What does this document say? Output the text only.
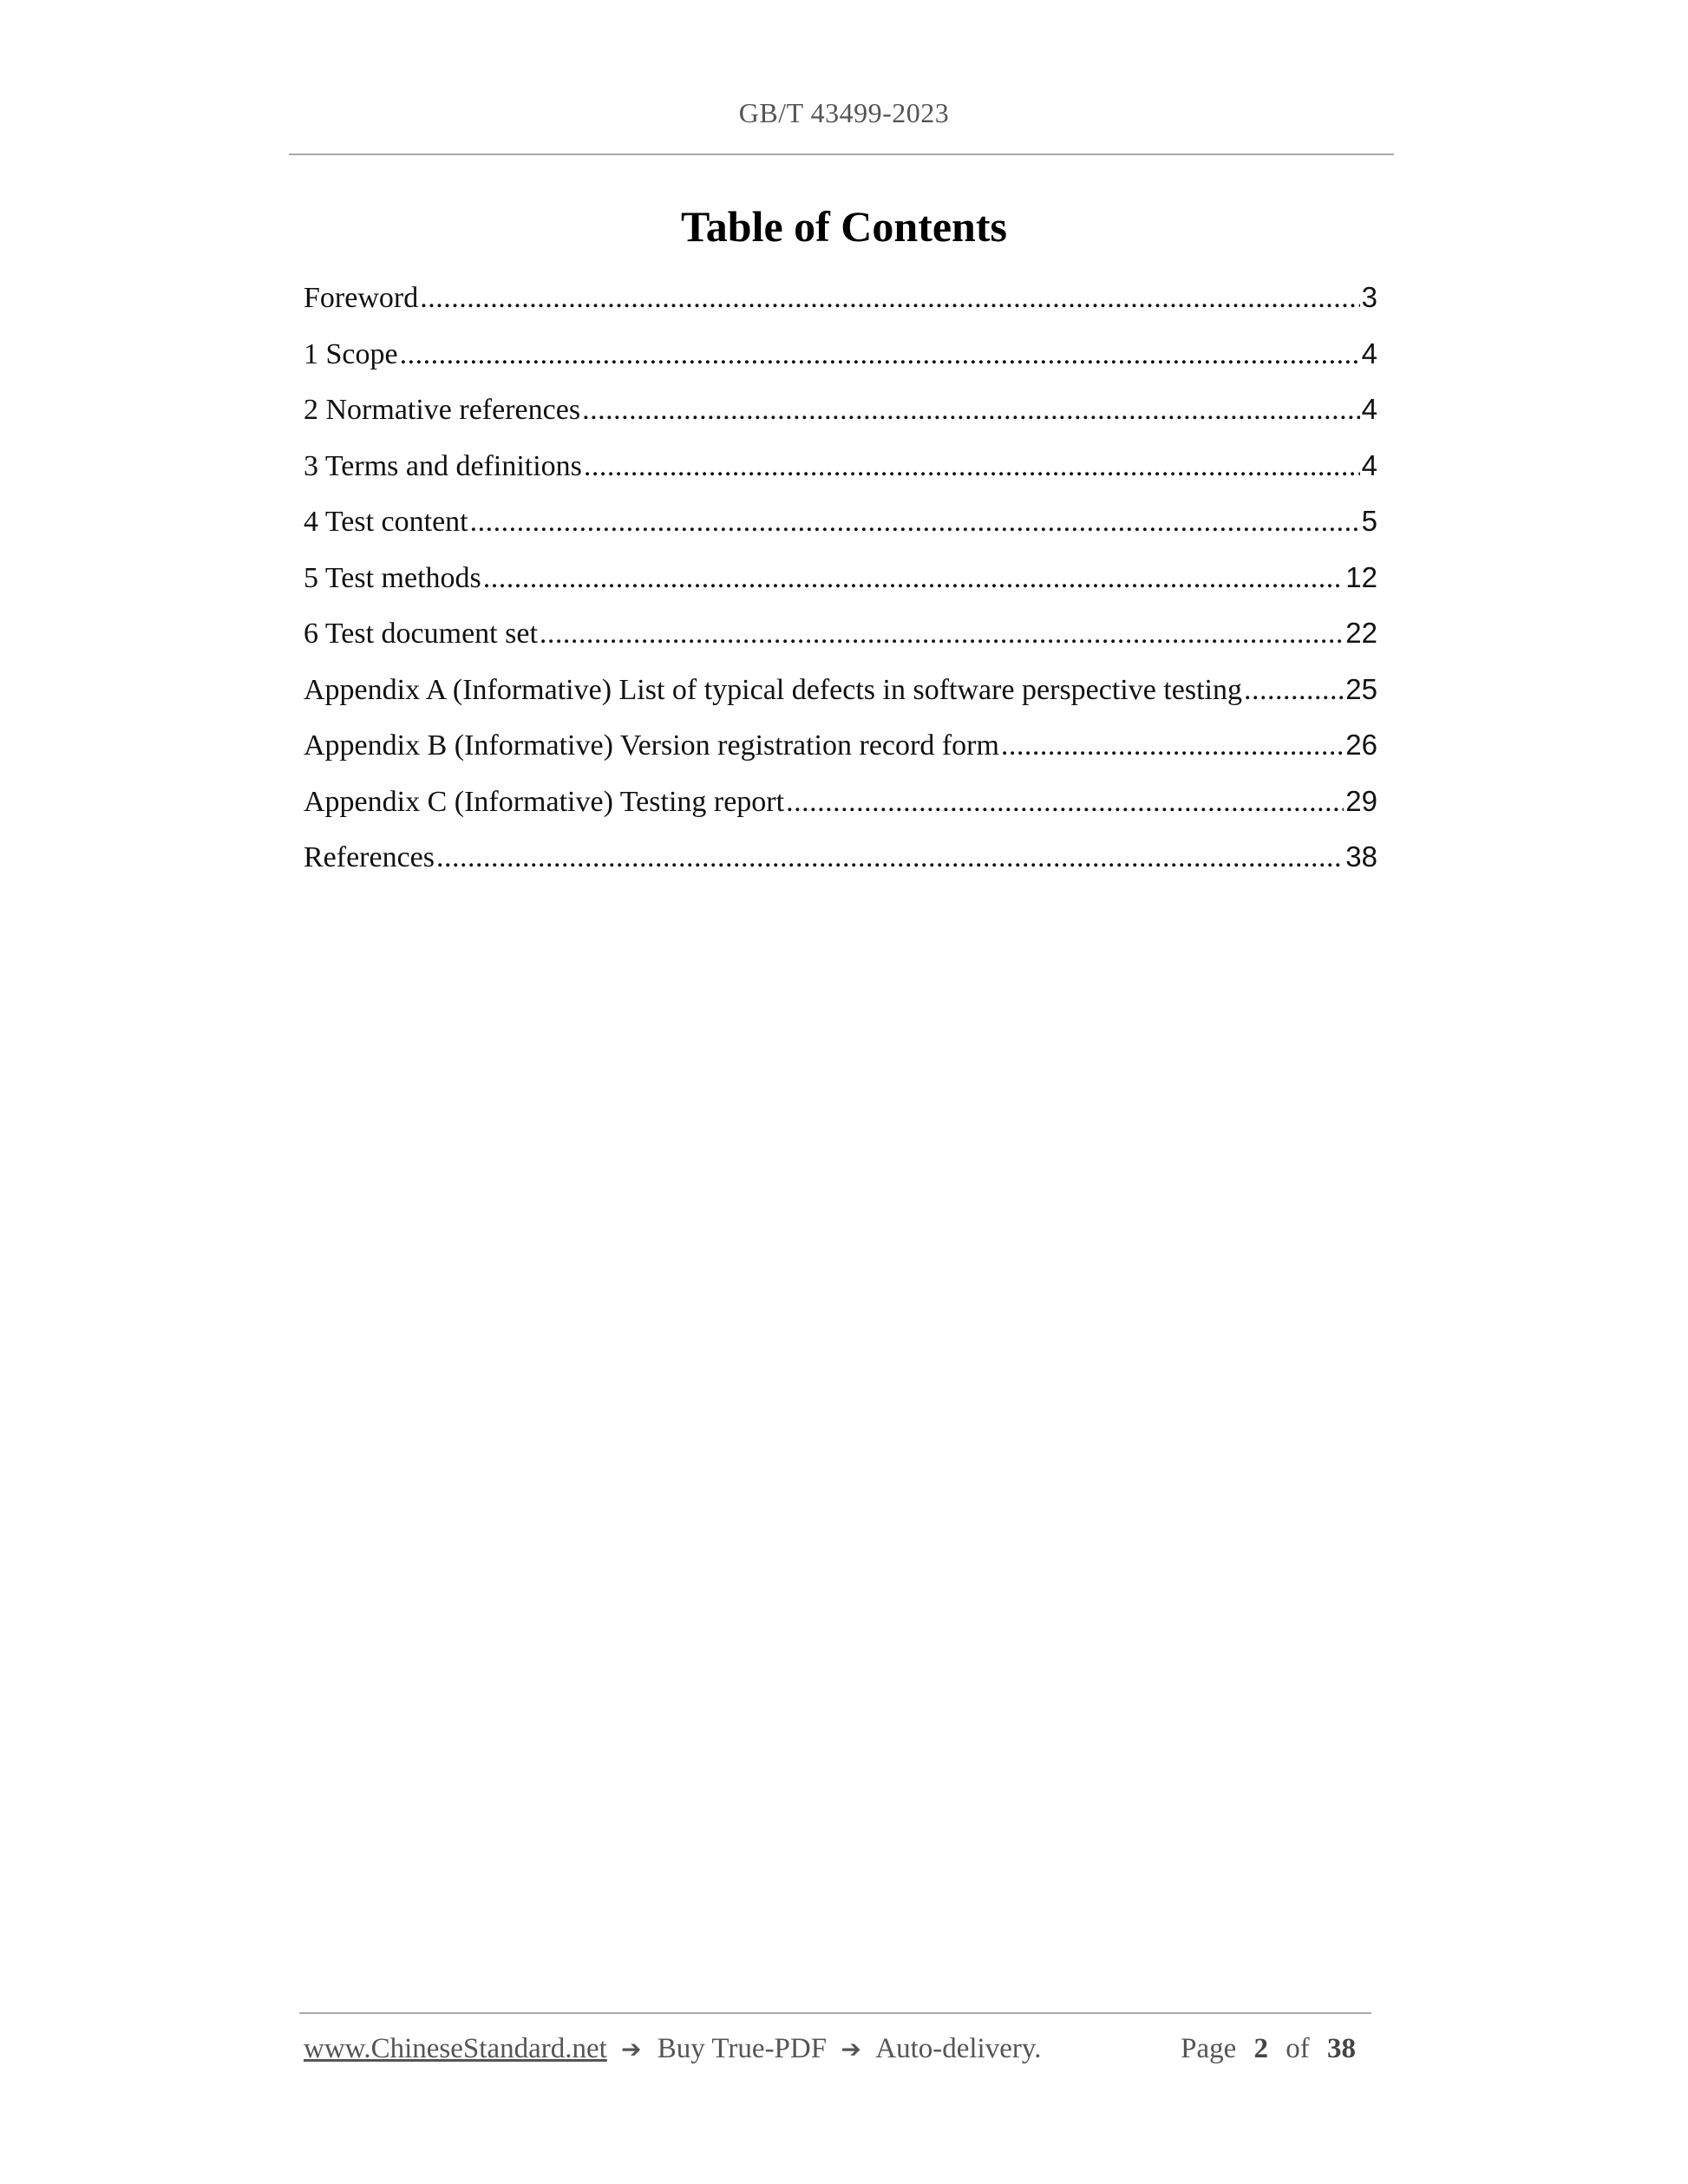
GB/T 43499-2023
Table of Contents
Foreword .....	3
1 Scope .....	4
2 Normative references .....	4
3 Terms and definitions .....	4
4 Test content .....	5
5 Test methods .....	12
6 Test document set .....	22
Appendix A (Informative) List of typical defects in software perspective testing .....	25
Appendix B (Informative) Version registration record form .....	26
Appendix C (Informative) Testing report .....	29
References .....	38
www.ChineseStandard.net ➔ Buy True-PDF ➔ Auto-delivery.	Page 2 of 38
